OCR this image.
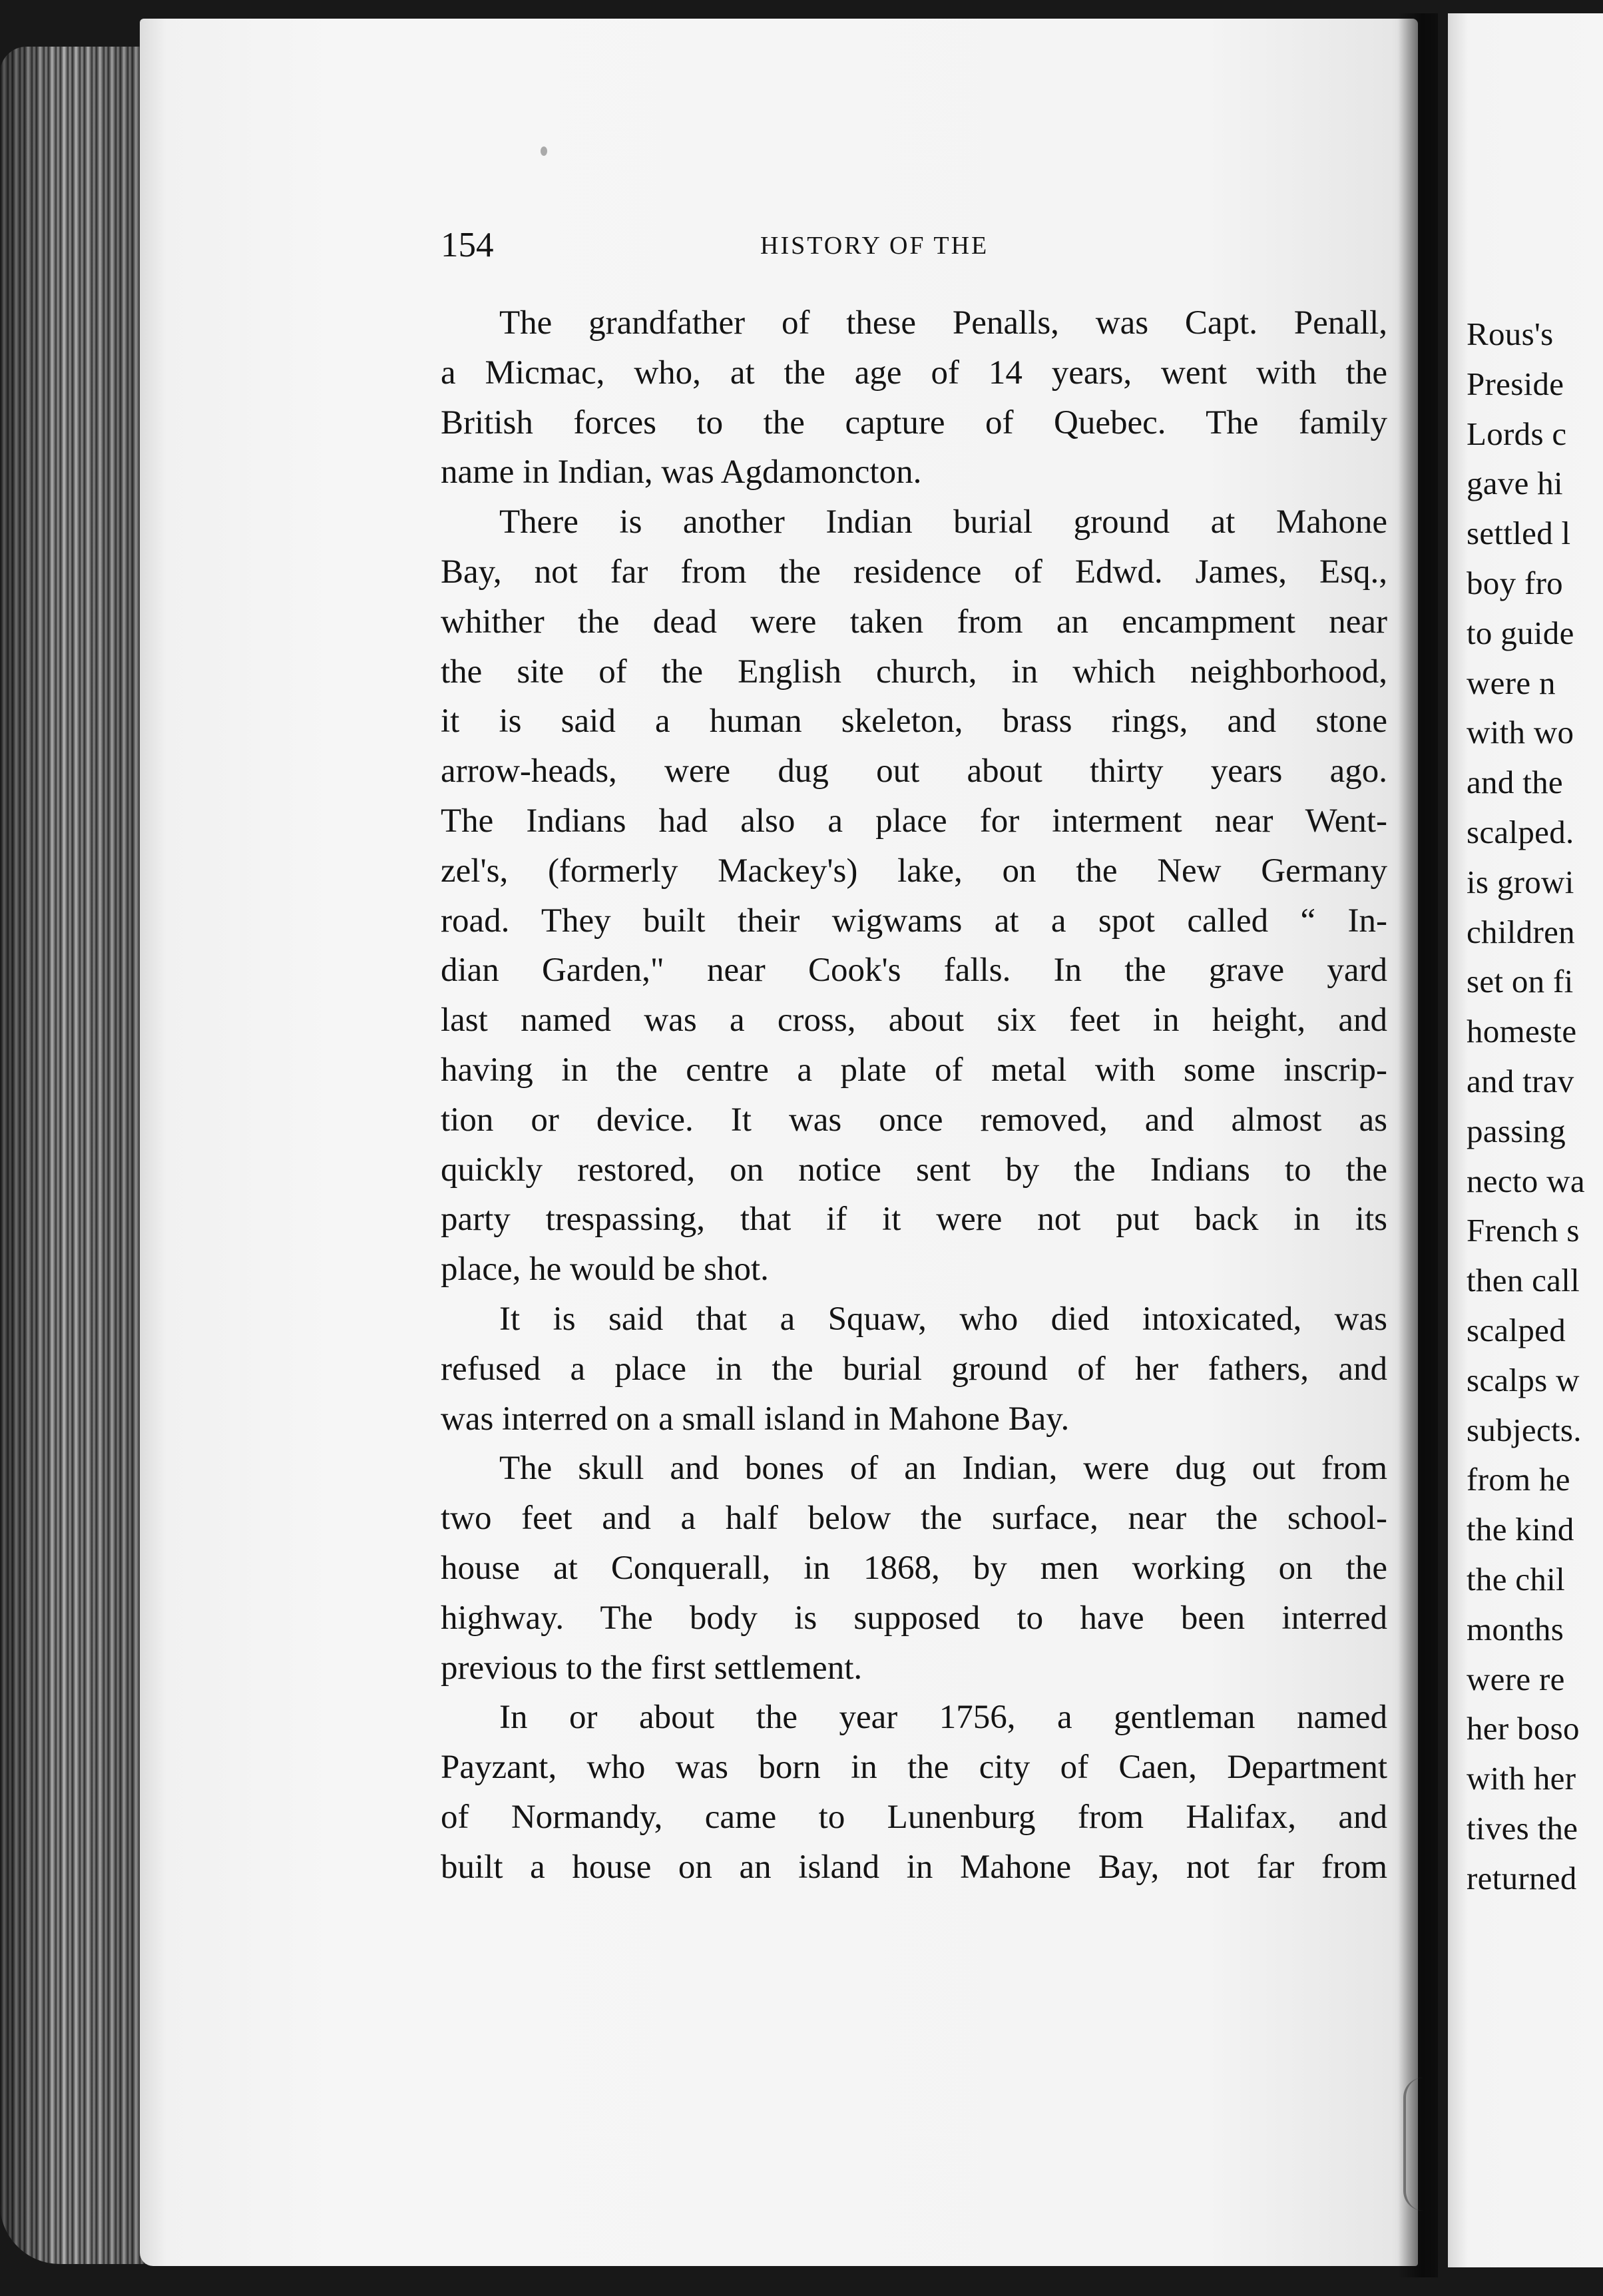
154	HISTORY OF THE
The grandfather of these Penalls, was Capt. Penall,
a Micmac, who, at the age of 14 years, went with the
British forces to the capture of Quebec. The family
name in Indian, was Agdamoncton.
There is another Indian burial ground at Mahone
Bay, not far from the residence of Edwd. James, Esq.,
whither the dead were taken from an encampment near
the site of the English church, in which neighborhood,
it is said a human skeleton, brass rings, and stone
arrow-heads, were dug out about thirty years ago.
The Indians had also a place for interment near Went-
zel's, (formerly Mackey's) lake, on the New Germany
road. They built their wigwams at a spot called “ In-
dian Garden," near Cook's falls. In the grave yard
last named was a cross, about six feet in height, and
having in the centre a plate of metal with some inscrip-
tion or device. It was once removed, and almost as
quickly restored, on notice sent by the Indians to the
party trespassing, that if it were not put back in its
place, he would be shot.
It is said that a Squaw, who died intoxicated, was
refused a place in the burial ground of her fathers, and
was interred on a small island in Mahone Bay.
The skull and bones of an Indian, were dug out from
two feet and a half below the surface, near the school-
house at Conquerall, in 1868, by men working on the
highway. The body is supposed to have been interred
previous to the first settlement.
In or about the year 1756, a gentleman named
Payzant, who was born in the city of Caen, Department
of Normandy, came to Lunenburg from Halifax, and
built a house on an island in Mahone Bay, not far from
Rous's
Preside
Lords c
gave hi
settled l
boy fro
to guide
were n
with wo
and the
scalped.
is growi
children
set on fi
homeste
and trav
passing
necto wa
French s
then call
scalped
scalps w
subjects.
from he
the kind
the chil
months
were re
her boso
with her
tives the
returned
